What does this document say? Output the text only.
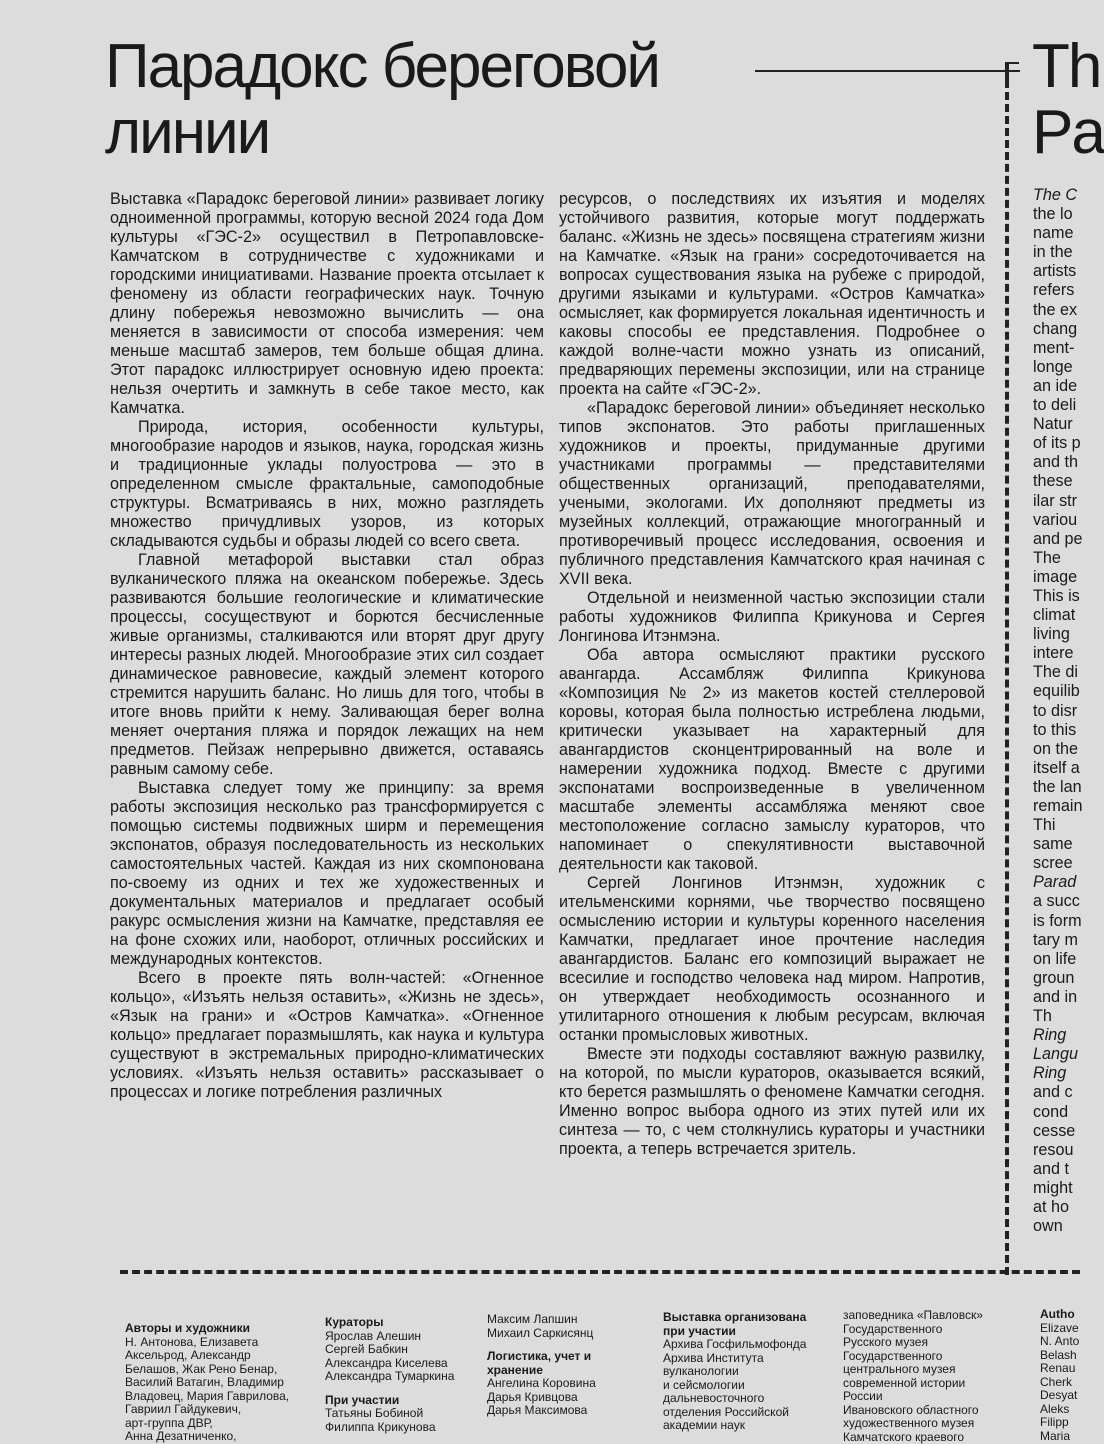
Парадокс береговой линии
Th
Pa

Выставка «Парадокс береговой линии» развивает логику одноименной программы, которую весной 2024 года Дом культуры «ГЭС-2» осуществил в Петропавловске-Камчатском в сотрудничестве с художниками и городскими инициативами. Название проекта отсылает к феномену из области географических наук. Точную длину побережья невозможно вычислить — она меняется в зависимости от способа измерения: чем меньше масштаб замеров, тем больше общая длина. Этот парадокс иллюстрирует основную идею проекта: нельзя очертить и замкнуть в себе такое место, как Камчатка.

Природа, история, особенности культуры, многообразие народов и языков, наука, городская жизнь и традиционные уклады полуострова — это в определенном смысле фрактальные, самоподобные структуры. Всматриваясь в них, можно разглядеть множество причудливых узоров, из которых складываются судьбы и образы людей со всего света.

Главной метафорой выставки стал образ вулканического пляжа на океанском побережье. Здесь развиваются большие геологические и климатические процессы, сосуществуют и борются бесчисленные живые организмы, сталкиваются или вторят друг другу интересы разных людей. Многообразие этих сил создает динамическое равновесие, каждый элемент которого стремится нарушить баланс. Но лишь для того, чтобы в итоге вновь прийти к нему. Заливающая берег волна меняет очертания пляжа и порядок лежащих на нем предметов. Пейзаж непрерывно движется, оставаясь равным самому себе.

Выставка следует тому же принципу: за время работы экспозиция несколько раз трансформируется с помощью системы подвижных ширм и перемещения экспонатов, образуя последовательность из нескольких самостоятельных частей. Каждая из них скомпонована по-своему из одних и тех же художественных и документальных материалов и предлагает особый ракурс осмысления жизни на Камчатке, представляя ее на фоне схожих или, наоборот, отличных российских и международных контекстов.

Всего в проекте пять волн-частей: «Огненное кольцо», «Изъять нельзя оставить», «Жизнь не здесь», «Язык на грани» и «Остров Камчатка». «Огненное кольцо» предлагает поразмышлять, как наука и культура существуют в экстремальных природно-климатических условиях. «Изъять нельзя оставить» рассказывает о процессах и логике потребления различных

ресурсов, о последствиях их изъятия и моделях устойчивого развития, которые могут поддержать баланс. «Жизнь не здесь» посвящена стратегиям жизни на Камчатке. «Язык на грани» сосредоточивается на вопросах существования языка на рубеже с природой, другими языками и культурами. «Остров Камчатка» осмысляет, как формируется локальная идентичность и каковы способы ее представления. Подробнее о каждой волне-части можно узнать из описаний, предваряющих перемены экспозиции, или на странице проекта на сайте «ГЭС-2».

«Парадокс береговой линии» объединяет несколько типов экспонатов. Это работы приглашенных художников и проекты, придуманные другими участниками программы — представителями общественных организаций, преподавателями, учеными, экологами. Их дополняют предметы из музейных коллекций, отражающие многогранный и противоречивый процесс исследования, освоения и публичного представления Камчатского края начиная с XVII века.

Отдельной и неизменной частью экспозиции стали работы художников Филиппа Крикунова и Сергея Лонгинова Итэнмэна.

Оба автора осмысляют практики русского авангарда. Ассамбляж Филиппа Крикунова «Композиция № 2» из макетов костей стеллеровой коровы, которая была полностью истреблена людьми, критически указывает на характерный для авангардистов сконцентрированный на воле и намерении художника подход. Вместе с другими экспонатами воспроизведенные в увеличенном масштабе элементы ассамбляжа меняют свое местоположение согласно замыслу кураторов, что напоминает о спекулятивности выставочной деятельности как таковой.

Сергей Лонгинов Итэнмэн, художник с ительменскими корнями, чье творчество посвящено осмыслению истории и культуры коренного населения Камчатки, предлагает иное прочтение наследия авангардистов. Баланс его композиций выражает не всесилие и господство человека над миром. Напротив, он утверждает необходимость осознанного и утилитарного отношения к любым ресурсам, включая останки промысловых животных.

Вместе эти подходы составляют важную развилку, на которой, по мысли кураторов, оказывается всякий, кто берется размышлять о феномене Камчатки сегодня. Именно вопрос выбора одного из этих путей или их синтеза — то, с чем столкнулись кураторы и участники проекта, а теперь встречается зритель.

The C
the lo
name
in the
artists
refers
the ex
chang
ment-
longe
an ide
to deli
Natur
of its p
and th
these
ilar str
variou
and pe
The
image
This is
climat
living
intere
The di
equilib
to disr
to this
on the
itself a
the lan
remain
Thi
same
scree
Parad
a succ
is form
tary m
on life
groun
and in
Th
Ring
Langu
Ring
and c
cond
cesse
resou
and t
might
at ho
own
Авторы и художники
Н. Антонова, Елизавета
Аксельрод, Александр
Белашов, Жак Рено Бенар,
Василий Ватагин, Владимир
Владовец, Мария Гаврилова,
Гавриил Гайдукевич,
арт-группа ДВР,
Анна Дезатниченко,
Кураторы
Ярослав Алешин
Сергей Бабкин
Александра Киселева
Александра Тумаркина
При участии
Татьяны Бобиной
Филиппа Крикунова
Максим Лапшин
Михаил Саркисянц
Логистика, учет и хранение
Ангелина Коровина
Дарья Кривцова
Дарья Максимова
Выставка организована при участии
Архива Госфильмофонда
Архива Института
вулканологии
и сейсмологии
дальневосточного
отделения Российской
академии наук
заповедника «Павловск»
Государственного
Русского музея
Государственного
центрального музея
современной истории
России
Ивановского областного
художественного музея
Камчатского краевого
Autho
Elizave
N. Anto
Belash
Renau
Cherk
Desyat
Aleks
Filipp
Maria
